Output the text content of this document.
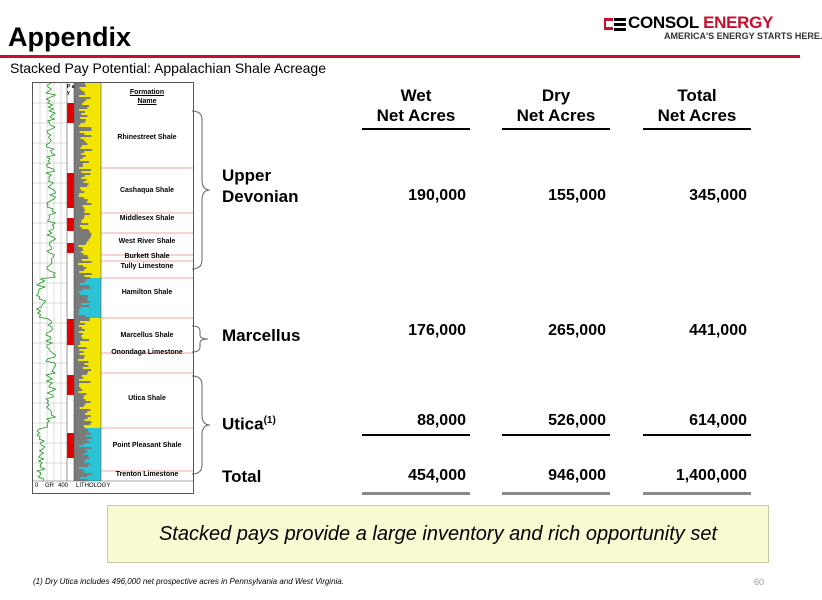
Appendix
Stacked Pay Potential: Appalachian Shale Acreage
CONSOL ENERGY
AMERICA'S ENERGY STARTS HERE.
P a y	Formation Name
Rhinestreet Shale
Cashaqua Shale
Middlesex Shale
West River Shale
Burkett Shale
Tully Limestone
Hamilton Shale
Marcellus Shale
Onondaga Limestone
Utica Shale
Point Pleasant Shale
Trenton Limestone
0 GR 400 LITHOLOGY
Wet
Net Acres
Dry
Net Acres
Total
Net Acres
Upper
Devonian	190,000	155,000	345,000
Marcellus	176,000	265,000	441,000
Utica$^{(1)}$	88,000	526,000	614,000
Total	454,000	946,000	1,400,000
Stacked pays provide a large inventory and rich opportunity set
(1) Dry Utica includes 496,000 net prospective acres in Pennsylvania and West Virginia.	60
